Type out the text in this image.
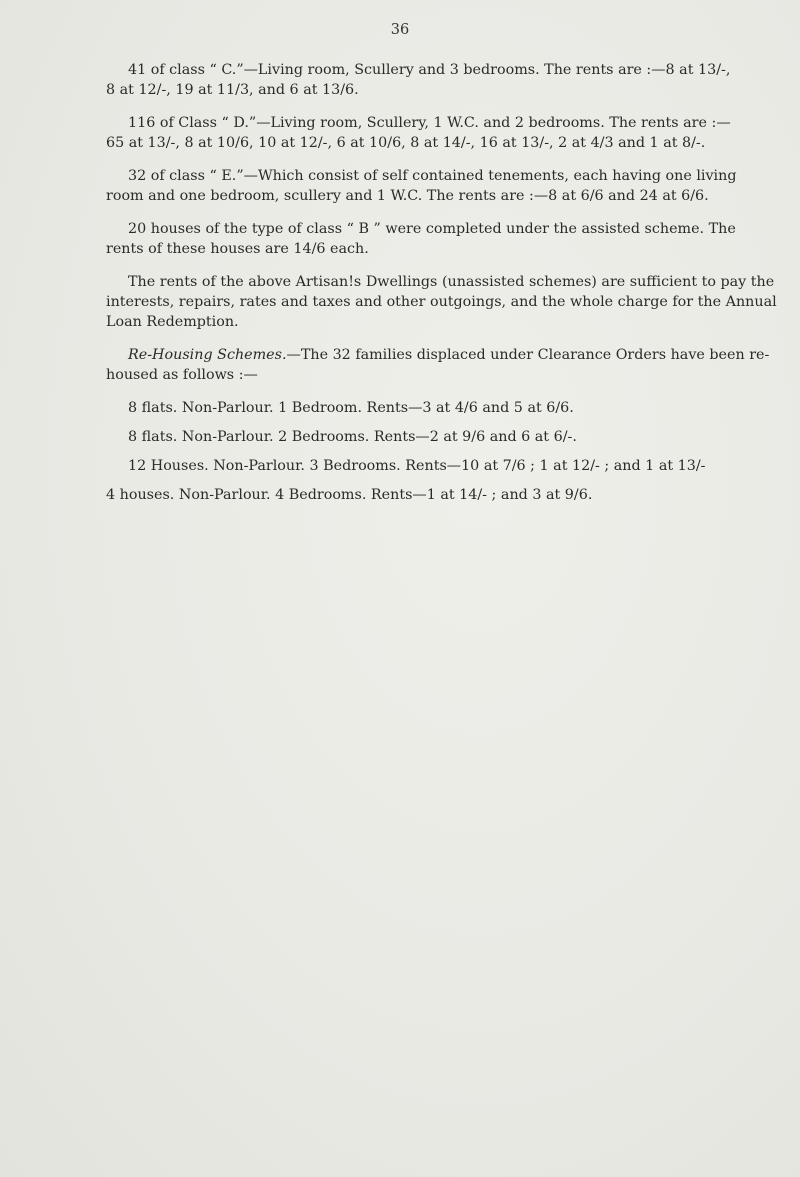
36

41 of class “ C.”—Living room, Scullery and 3 bedrooms. The rents are :—8 at 13/-,
8 at 12/-, 19 at 11/3, and 6 at 13/6.

116 of Class “ D.”—Living room, Scullery, 1 W.C. and 2 bedrooms. The rents are :—
65 at 13/-, 8 at 10/6, 10 at 12/-, 6 at 10/6, 8 at 14/-, 16 at 13/-, 2 at 4/3 and 1 at 8/-.

32 of class “ E.”—Which consist of self contained tenements, each having one living
room and one bedroom, scullery and 1 W.C. The rents are :—8 at 6/6 and 24 at 6/6.

20 houses of the type of class “ B ” were completed under the assisted scheme. The
rents of these houses are 14/6 each.

The rents of the above Artisan!s Dwellings (unassisted schemes) are sufficient to pay the
interests, repairs, rates and taxes and other outgoings, and the whole charge for the Annual
Loan Redemption.

Re-Housing Schemes.—The 32 families displaced under Clearance Orders have been re-
housed as follows :—

8 flats. Non-Parlour. 1 Bedroom. Rents—3 at 4/6 and 5 at 6/6.
8 flats. Non-Parlour. 2 Bedrooms. Rents—2 at 9/6 and 6 at 6/-.
12 Houses. Non-Parlour. 3 Bedrooms. Rents—10 at 7/6 ; 1 at 12/- ; and 1 at 13/-
4 houses. Non-Parlour. 4 Bedrooms. Rents—1 at 14/- ; and 3 at 9/6.
